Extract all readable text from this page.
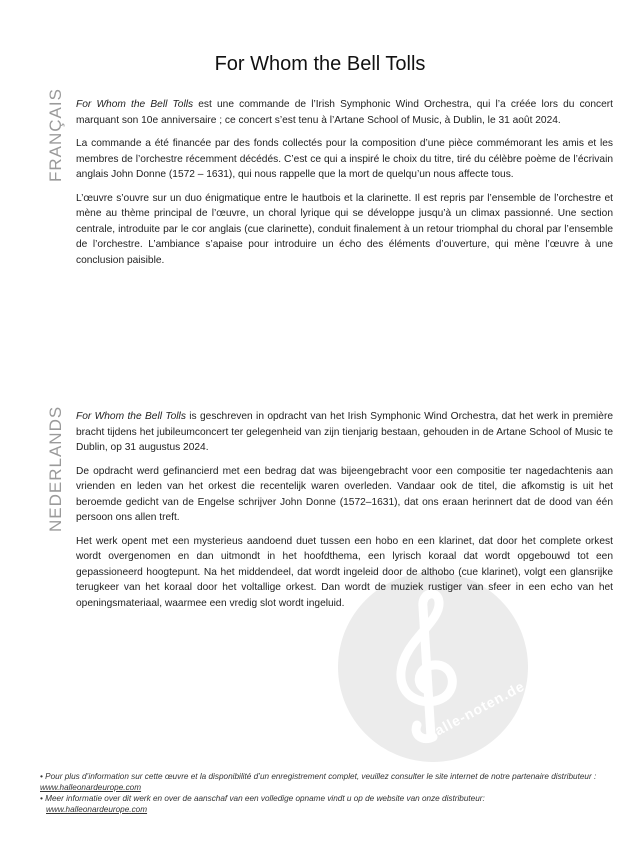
alle-noten.de
For Whom the Bell Tolls
FRANÇAIS For Whom the Bell Tolls est une commande de l’Irish Symphonic Wind Orchestra, qui l’a créée lors du concert marquant son 10e anniversaire ; ce concert s’est tenu à l’Artane School of Music, à Dublin, le 31 août 2024.

La commande a été financée par des fonds collectés pour la composition d’une pièce commémorant les amis et les membres de l’orchestre récemment décédés. C’est ce qui a inspiré le choix du titre, tiré du célèbre poème de l’écrivain anglais John Donne (1572 – 1631), qui nous rappelle que la mort de quelqu’un nous affecte tous.

L’œuvre s’ouvre sur un duo énigmatique entre le hautbois et la clarinette. Il est repris par l’ensemble de l’orchestre et mène au thème principal de l’œuvre, un choral lyrique qui se développe jusqu’à un climax passionné. Une section centrale, introduite par le cor anglais (cue clarinette), conduit finalement à un retour triomphal du choral par l’ensemble de l’orchestre. L’ambiance s’apaise pour introduire un écho des éléments d’ouverture, qui mène l’œuvre à une conclusion paisible.

NEDERLANDS For Whom the Bell Tolls is geschreven in opdracht van het Irish Symphonic Wind Orchestra, dat het werk in première bracht tijdens het jubileumconcert ter gelegenheid van zijn tienjarig bestaan, gehouden in de Artane School of Music te Dublin, op 31 augustus 2024.

De opdracht werd gefinancierd met een bedrag dat was bijeengebracht voor een compositie ter nagedachtenis aan vrienden en leden van het orkest die recentelijk waren overleden. Vandaar ook de titel, die afkomstig is uit het beroemde gedicht van de Engelse schrijver John Donne (1572–1631), dat ons eraan herinnert dat de dood van één persoon ons allen treft.

Het werk opent met een mysterieus aandoend duet tussen een hobo en een klarinet, dat door het complete orkest wordt overgenomen en dan uitmondt in het hoofdthema, een lyrisch koraal dat wordt opgebouwd tot een gepassioneerd hoogtepunt. Na het middendeel, dat wordt ingeleid door de althobo (cue klarinet), volgt een glansrijke terugkeer van het koraal door het voltallige orkest. Dan wordt de muziek rustiger van sfeer in een echo van het openingsmateriaal, waarmee een vredig slot wordt ingeluid.

• Pour plus d’information sur cette œuvre et la disponibilité d’un enregistrement complet, veuillez consulter le site internet de notre partenaire distributeur : www.halleonardeurope.com
• Meer informatie over dit werk en over de aanschaf van een volledige opname vindt u op de website van onze distributeur:
www.halleonardeurope.com
